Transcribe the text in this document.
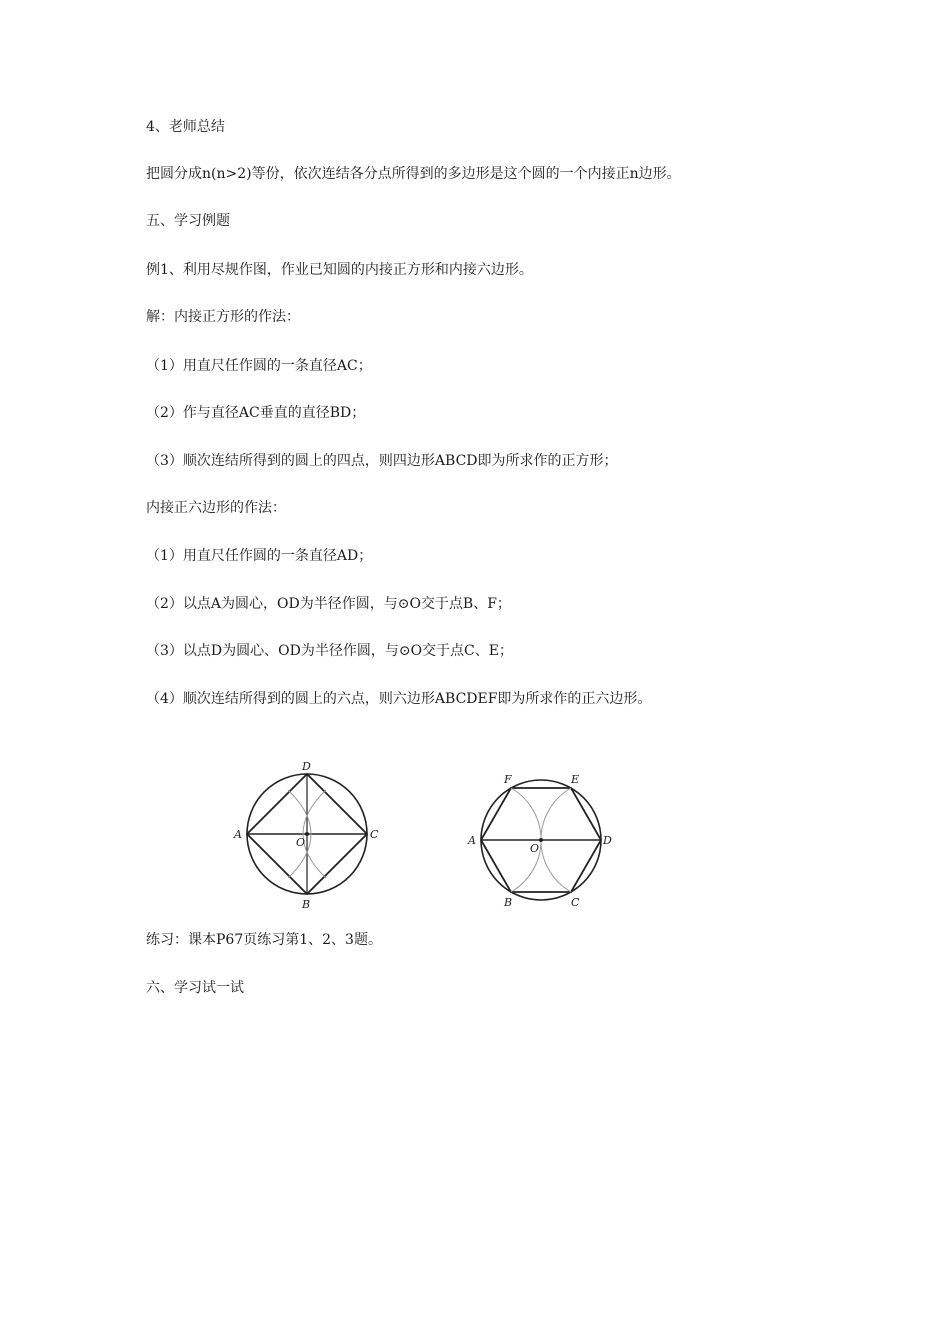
4、老师总结
把圆分成n(n>2)等份，依次连结各分点所得到的多边形是这个圆的一个内接正n边形。
五、学习例题
例1、利用尽规作图，作业已知圆的内接正方形和内接六边形。
解：内接正方形的作法：
（1）用直尺任作圆的一条直径AC；
（2）作与直径AC垂直的直径BD；
（3）顺次连结所得到的圆上的四点，则四边形ABCD即为所求作的正方形；
内接正六边形的作法：
（1）用直尺任作圆的一条直径AD；
（2）以点A为圆心，OD为半径作圆，与⊙O交于点B、F；
（3）以点D为圆心、OD为半径作圆，与⊙O交于点C、E；
（4）顺次连结所得到的圆上的六点，则六边形ABCDEF即为所求作的正六边形。
D
A	C
B
O
F	E
A	D
O
B	C
练习：课本P67页练习第1、2、3题。
六、学习试一试
